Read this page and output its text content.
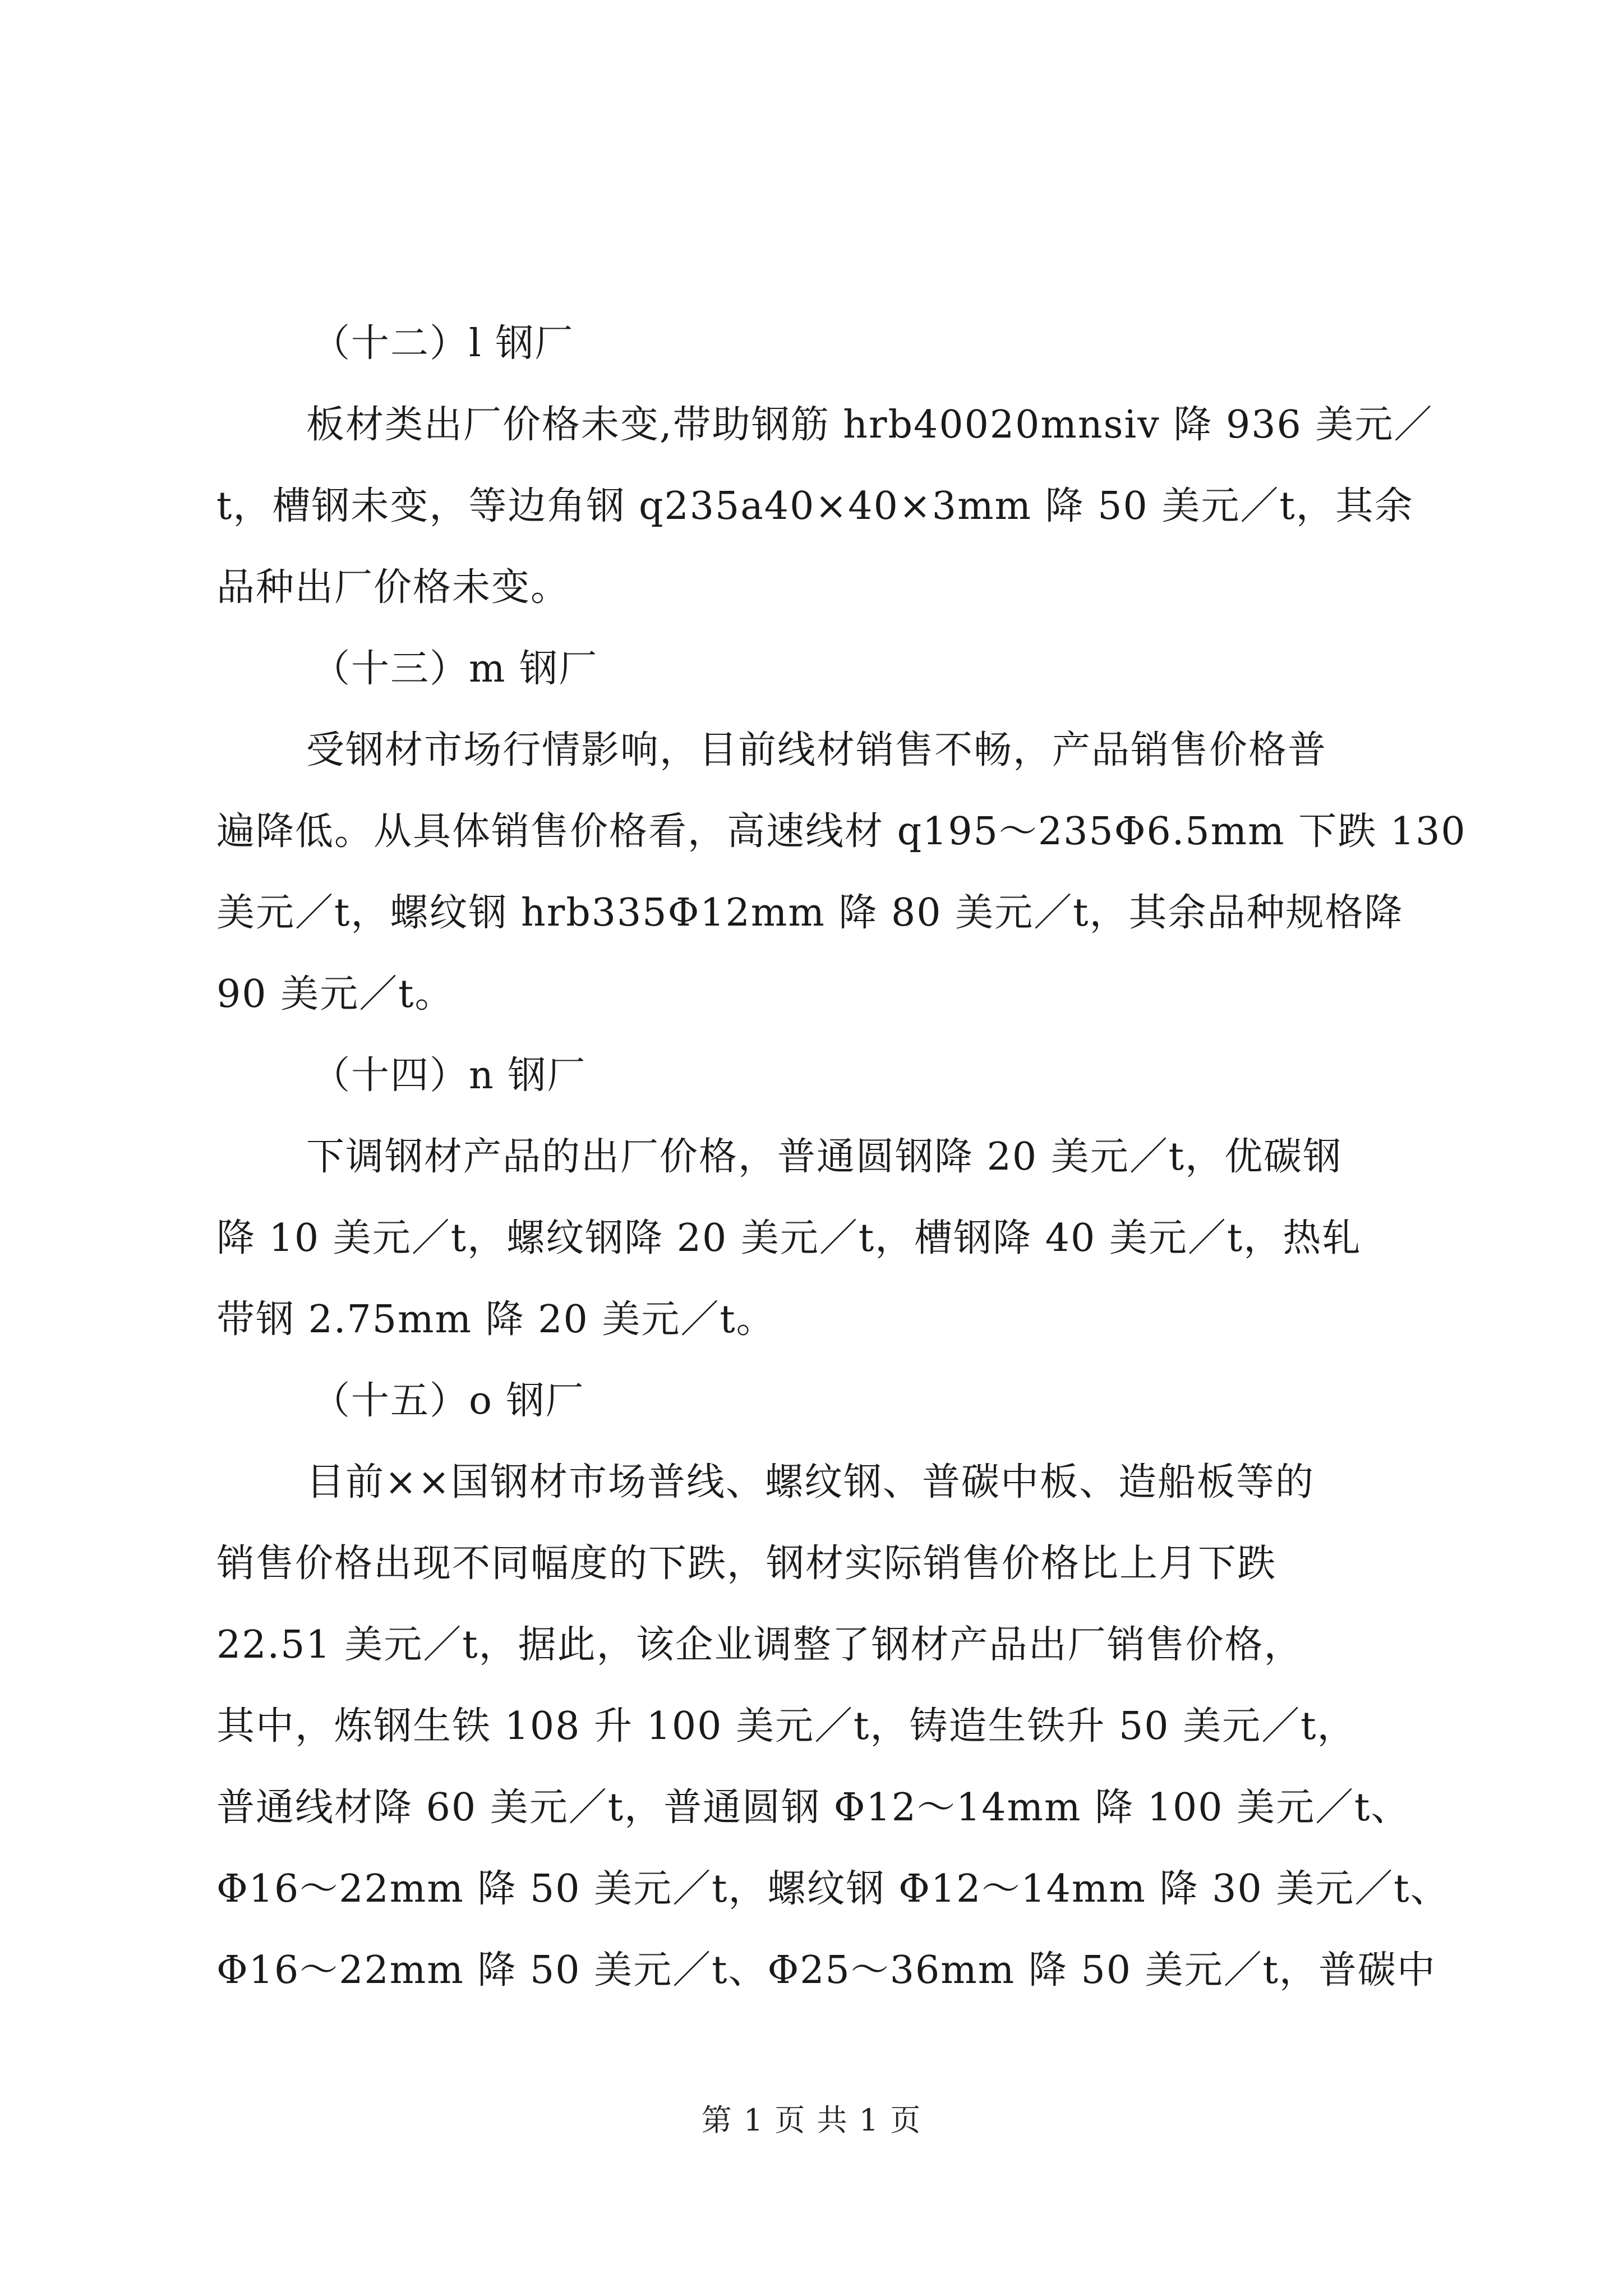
（十二）l 钢厂

板材类出厂价格未变,带助钢筋 hrb40020mnsiv 降 936 美元／
t，槽钢未变，等边角钢 q235a40×40×3mm 降 50 美元／t，其余
品种出厂价格未变。

（十三）m 钢厂

受钢材市场行情影响，目前线材销售不畅，产品销售价格普
遍降低。从具体销售价格看，高速线材 q195～235Φ6.5mm 下跌 130
美元／t，螺纹钢 hrb335Φ12mm 降 80 美元／t，其余品种规格降
90 美元／t。

（十四）n 钢厂

下调钢材产品的出厂价格，普通圆钢降 20 美元／t，优碳钢
降 10 美元／t，螺纹钢降 20 美元／t，槽钢降 40 美元／t，热轧
带钢 2.75mm 降 20 美元／t。

（十五）o 钢厂

目前××国钢材市场普线、螺纹钢、普碳中板、造船板等的
销售价格出现不同幅度的下跌，钢材实际销售价格比上月下跌
22.51 美元／t，据此，该企业调整了钢材产品出厂销售价格，
其中，炼钢生铁 108 升 100 美元／t，铸造生铁升 50 美元／t，
普通线材降 60 美元／t，普通圆钢 Φ12～14mm 降 100 美元／t、
Φ16～22mm 降 50 美元／t，螺纹钢 Φ12～14mm 降 30 美元／t、
Φ16～22mm 降 50 美元／t、Φ25～36mm 降 50 美元／t，普碳中

第 1 页 共 1 页
